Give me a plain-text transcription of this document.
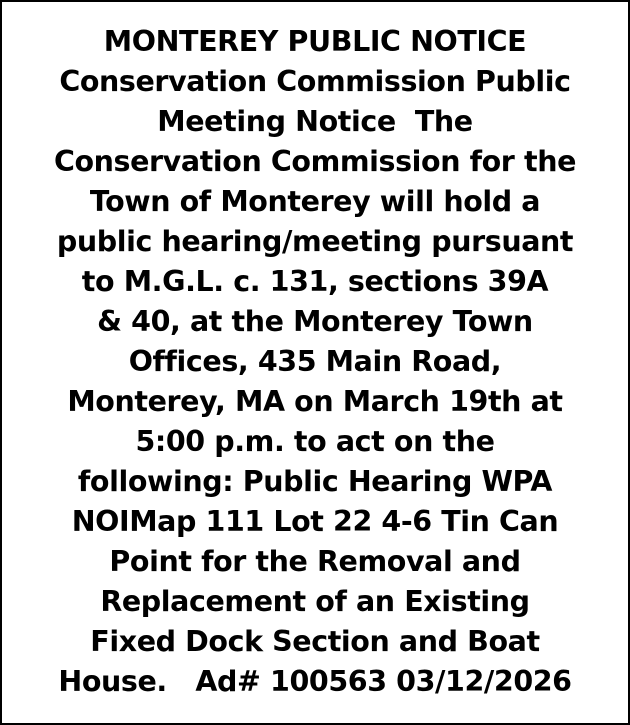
MONTEREY PUBLIC NOTICE
Conservation Commission Public
Meeting Notice  The
Conservation Commission for the
Town of Monterey will hold a
public hearing/meeting pursuant
to M.G.L. c. 131, sections 39A
& 40, at the Monterey Town
Offices, 435 Main Road,
Monterey, MA on March 19th at
5:00 p.m. to act on the
following: Public Hearing WPA
NOIMap 111 Lot 22 4-6 Tin Can
Point for the Removal and
Replacement of an Existing
Fixed Dock Section and Boat
House.   Ad# 100563 03/12/2026
